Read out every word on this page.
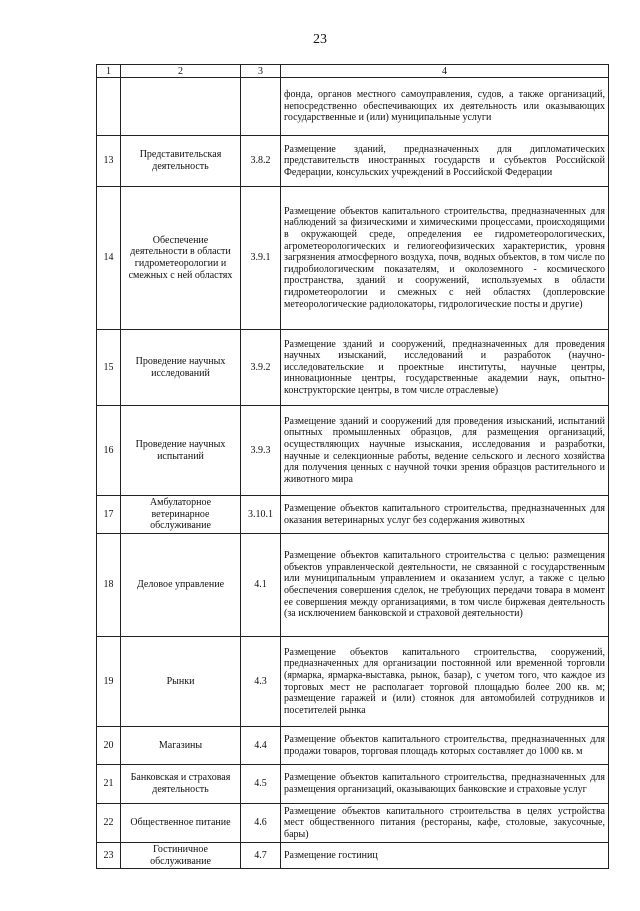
23
1	2	3	4
			фонда, органов местного самоуправления, судов, а также организаций, непосредственно обеспечивающих их деятельность или оказывающих государственные и (или) муниципальные услуги
13	Представительская деятельность	3.8.2	Размещение зданий, предназначенных для дипломатических представительств иностранных государств и субъектов Российской Федерации, консульских учреждений в Российской Федерации
14	Обеспечение деятельности в области гидрометеорологии и смежных с ней областях	3.9.1	Размещение объектов капитального строительства, предназначенных для наблюдений за физическими и химическими процессами, происходящими в окружающей среде, определения ее гидрометеорологических, агрометеорологических и гелиогеофизических характеристик, уровня загрязнения атмосферного воздуха, почв, водных объектов, в том числе по гидробиологическим показателям, и околоземного - космического пространства, зданий и сооружений, используемых в области гидрометеорологии и смежных с ней областях (доплеровские метеорологические радиолокаторы, гидрологические посты и другие)
15	Проведение научных исследований	3.9.2	Размещение зданий и сооружений, предназначенных для проведения научных изысканий, исследований и разработок (научно-исследовательские и проектные институты, научные центры, инновационные центры, государственные академии наук, опытно-конструкторские центры, в том числе отраслевые)
16	Проведение научных испытаний	3.9.3	Размещение зданий и сооружений для проведения изысканий, испытаний опытных промышленных образцов, для размещения организаций, осуществляющих научные изыскания, исследования и разработки, научные и селекционные работы, ведение сельского и лесного хозяйства для получения ценных с научной точки зрения образцов растительного и животного мира
17	Амбулаторное ветеринарное обслуживание	3.10.1	Размещение объектов капитального строительства, предназначенных для оказания ветеринарных услуг без содержания животных
18	Деловое управление	4.1	Размещение объектов капитального строительства с целью: размещения объектов управленческой деятельности, не связанной с государственным или муниципальным управлением и оказанием услуг, а также с целью обеспечения совершения сделок, не требующих передачи товара в момент ее совершения между организациями, в том числе биржевая деятельность (за исключением банковской и страховой деятельности)
19	Рынки	4.3	Размещение объектов капитального строительства, сооружений, предназначенных для организации постоянной или временной торговли (ярмарка, ярмарка-выставка, рынок, базар), с учетом того, что каждое из торговых мест не располагает торговой площадью более 200 кв. м; размещение гаражей и (или) стоянок для автомобилей сотрудников и посетителей рынка
20	Магазины	4.4	Размещение объектов капитального строительства, предназначенных для продажи товаров, торговая площадь которых составляет до 1000 кв. м
21	Банковская и страховая деятельность	4.5	Размещение объектов капитального строительства, предназначенных для размещения организаций, оказывающих банковские и страховые услуг
22	Общественное питание	4.6	Размещение объектов капитального строительства в целях устройства мест общественного питания (рестораны, кафе, столовые, закусочные, бары)
23	Гостиничное обслуживание	4.7	Размещение гостиниц
